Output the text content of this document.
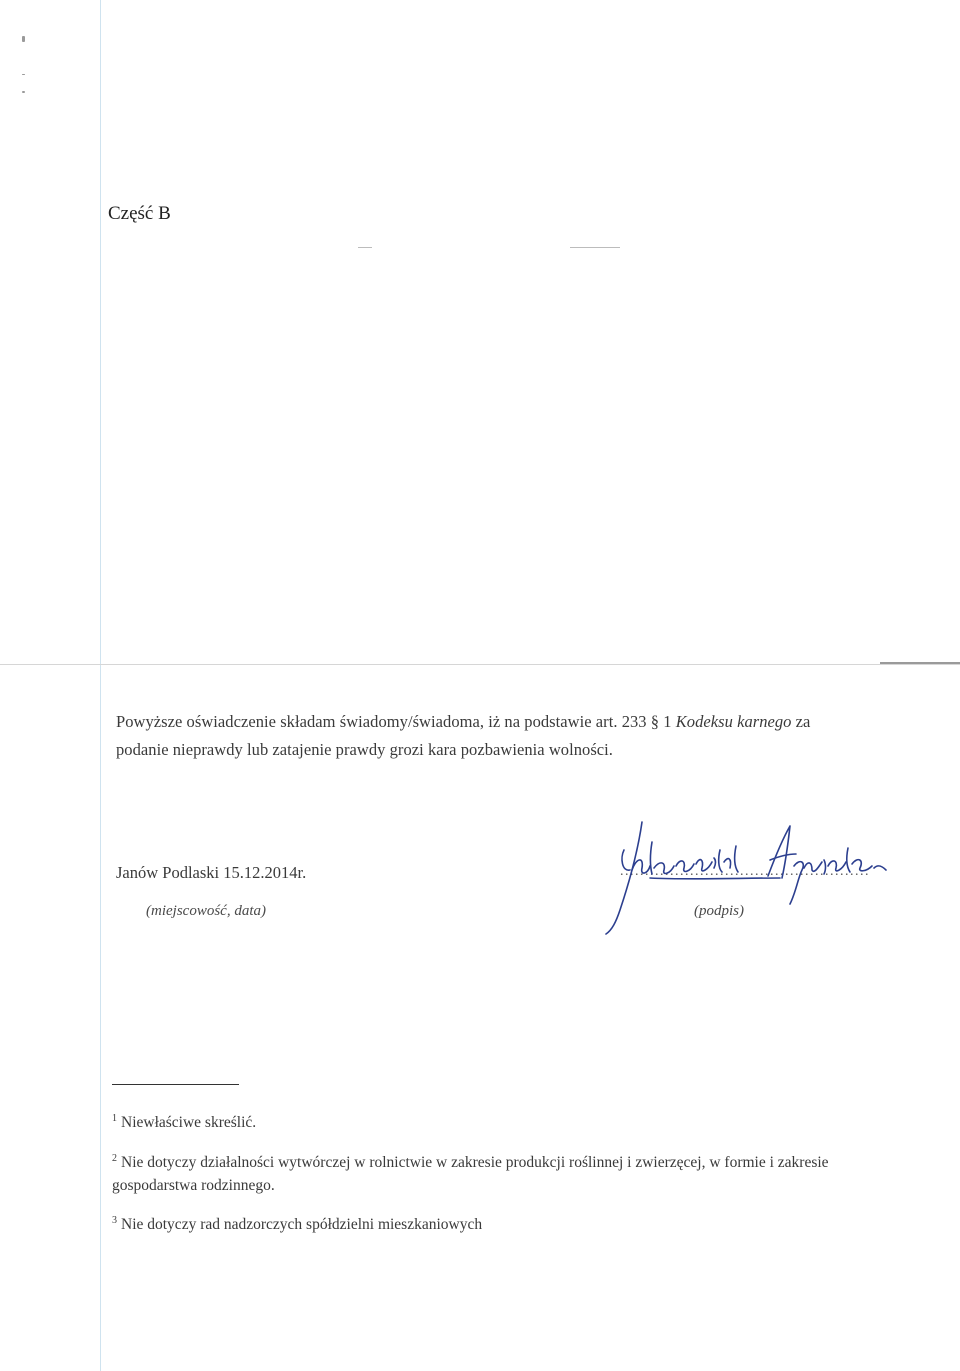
Część B
Powyższe oświadczenie składam świadomy/świadoma, iż na podstawie art. 233 § 1 Kodeksu karnego za podanie nieprawdy lub zatajenie prawdy grozi kara pozbawienia wolności.
Janów Podlaski 15.12.2014r.
(miejscowość, data)
..................................................
(podpis)
$^1$ Niewłaściwe skreślić.
$^2$ Nie dotyczy działalności wytwórczej w rolnictwie w zakresie produkcji roślinnej i zwierzęcej, w formie i zakresie gospodarstwa rodzinnego.
$^3$ Nie dotyczy rad nadzorczych spółdzielni mieszkaniowych
